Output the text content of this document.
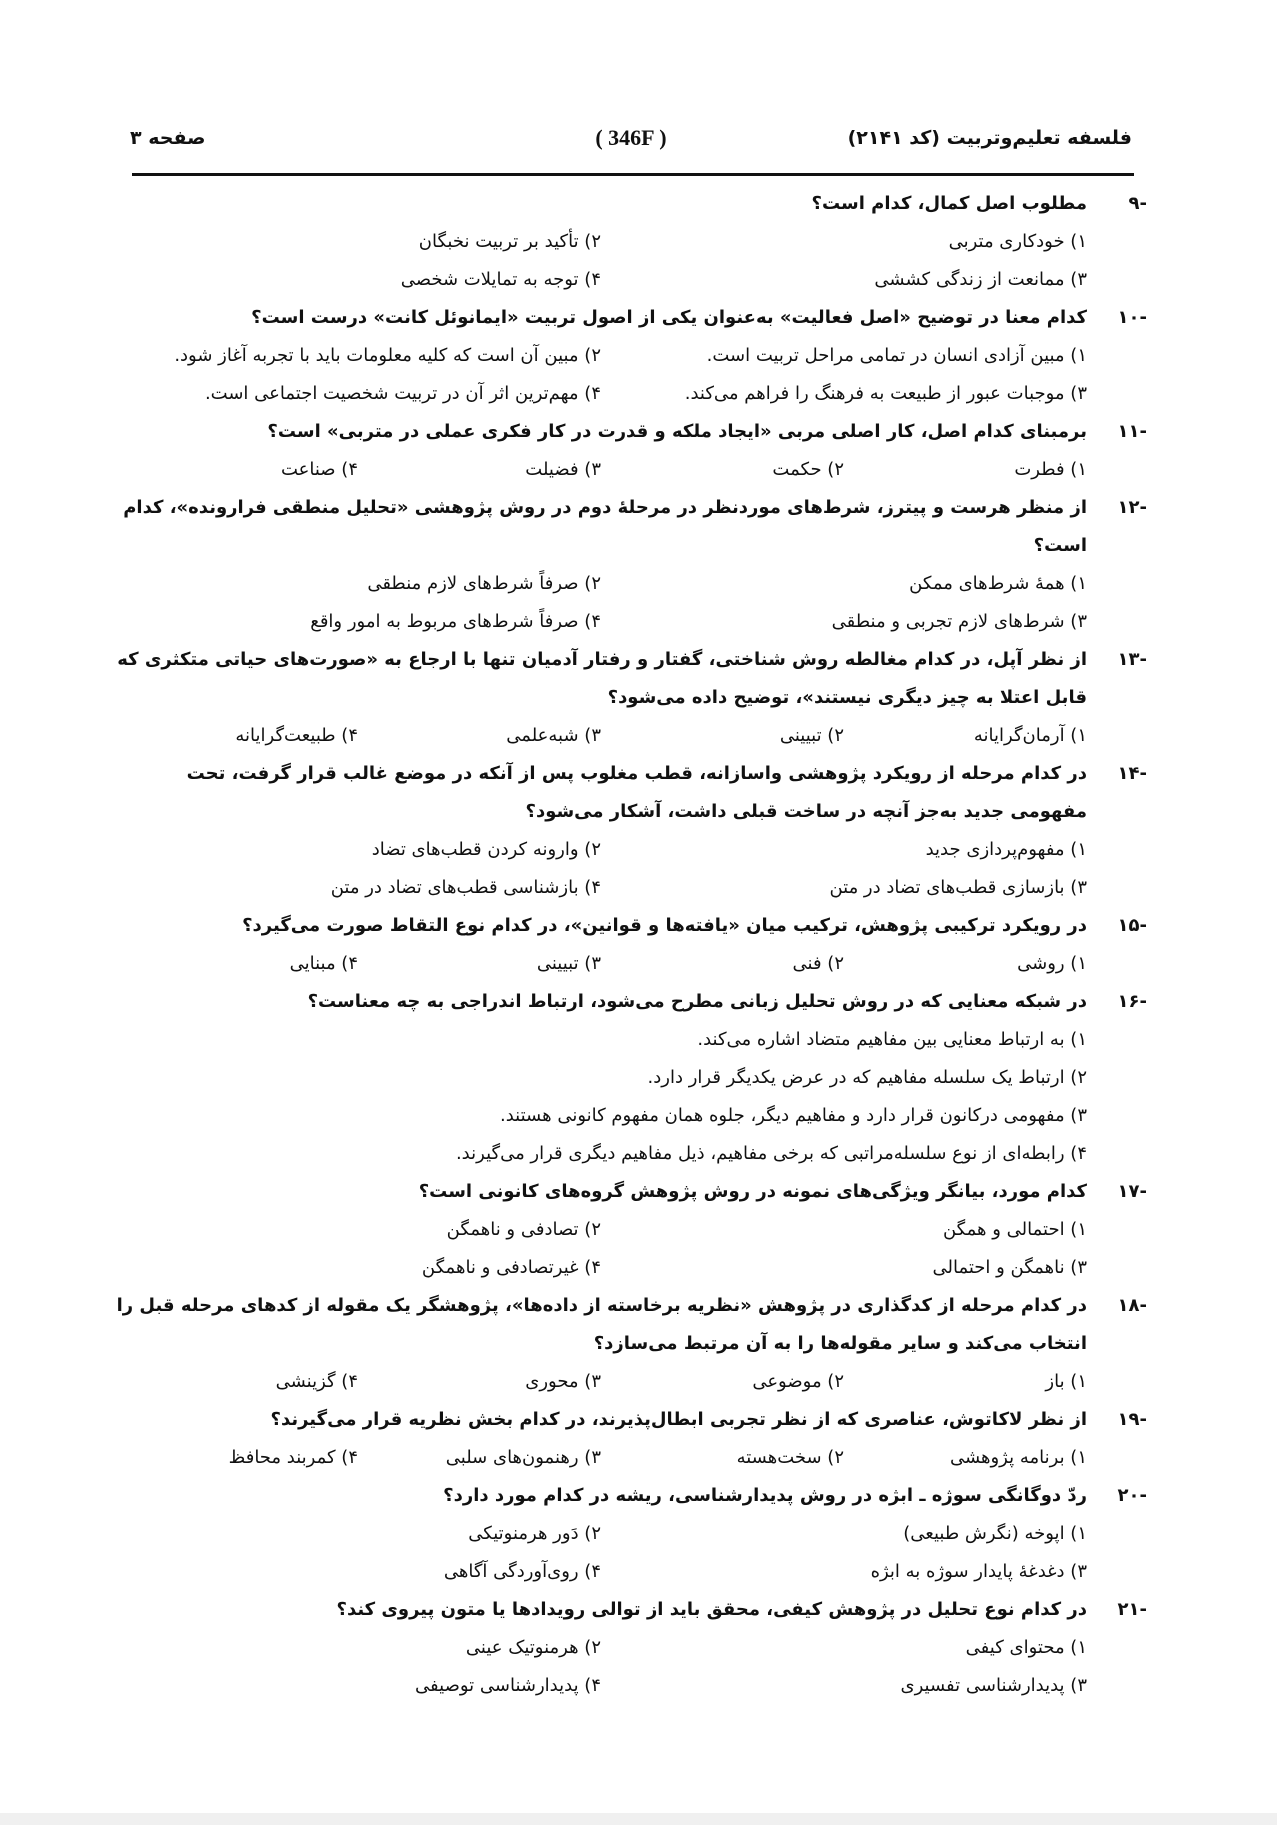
فلسفه تعلیم‌وتربیت (کد ۲۱۴۱)
( 346F )
صفحه ۳
-۹
مطلوب اصل کمال، کدام است؟
۱) خودکاری متربی
۲) تأکید بر تربیت نخبگان
۳) ممانعت از زندگی کششی
۴) توجه به تمایلات شخصی
-۱۰
کدام معنا در توضیح «اصل فعالیت» به‌عنوان یکی از اصول تربیت «ایمانوئل کانت» درست است؟
۱) مبین آزادی انسان در تمامی مراحل تربیت است.
۲) مبین آن است که کلیه معلومات باید با تجربه آغاز شود.
۳) موجبات عبور از طبیعت به فرهنگ را فراهم می‌کند.
۴) مهم‌ترین اثر آن در تربیت شخصیت اجتماعی است.
-۱۱
برمبنای کدام اصل، کار اصلی مربی «ایجاد ملکه و قدرت در کار فکری عملی در متربی» است؟
۱) فطرت
۲) حکمت
۳) فضیلت
۴) صناعت
-۱۲
از منظر هرست و پیترز، شرط‌های موردنظر در مرحلهٔ دوم در روش پژوهشی «تحلیل منطقی فرارونده»، کدام است؟
۱) همهٔ شرط‌های ممکن
۲) صرفاً شرط‌های لازم منطقی
۳) شرط‌های لازم تجربی و منطقی
۴) صرفاً شرط‌های مربوط به امور واقع
-۱۳
از نظر آپل، در کدام مغالطه روش شناختی، گفتار و رفتار آدمیان تنها با ارجاع به «صورت‌های حیاتی متکثری که قابل اعتلا به چیز دیگری نیستند»، توضیح داده می‌شود؟
۱) آرمان‌گرایانه
۲) تبیینی
۳) شبه‌علمی
۴) طبیعت‌گرایانه
-۱۴
در کدام مرحله از رویکرد پژوهشی واسازانه، قطب مغلوب پس از آنکه در موضع غالب قرار گرفت، تحت مفهومی جدید به‌جز آنچه در ساخت قبلی داشت، آشکار می‌شود؟
۱) مفهوم‌پردازی جدید
۲) وارونه کردن قطب‌های تضاد
۳) بازسازی قطب‌های تضاد در متن
۴) بازشناسی قطب‌های تضاد در متن
-۱۵
در رویکرد ترکیبی پژوهش، ترکیب میان «یافته‌ها و قوانین»، در کدام نوع التقاط صورت می‌گیرد؟
۱) روشی
۲) فنی
۳) تبیینی
۴) مبنایی
-۱۶
در شبکه معنایی که در روش تحلیل زبانی مطرح می‌شود، ارتباط اندراجی به چه معناست؟
۱) به ارتباط معنایی بین مفاهیم متضاد اشاره می‌کند.
۲) ارتباط یک سلسله مفاهیم که در عرض یکدیگر قرار دارد.
۳) مفهومی درکانون قرار دارد و مفاهیم دیگر، جلوه همان مفهوم کانونی هستند.
۴) رابطه‌ای از نوع سلسله‌مراتبی که برخی مفاهیم، ذیل مفاهیم دیگری قرار می‌گیرند.
-۱۷
کدام مورد، بیانگر ویژگی‌های نمونه در روش پژوهش گروه‌های کانونی است؟
۱) احتمالی و همگن
۲) تصادفی و ناهمگن
۳) ناهمگن و احتمالی
۴) غیرتصادفی و ناهمگن
-۱۸
در کدام مرحله از کدگذاری در پژوهش «نظریه برخاسته از داده‌ها»، پژوهشگر یک مقوله از کدهای مرحله قبل را انتخاب می‌کند و سایر مقوله‌ها را به آن مرتبط می‌سازد؟
۱) باز
۲) موضوعی
۳) محوری
۴) گزینشی
-۱۹
از نظر لاکاتوش، عناصری که از نظر تجربی ابطال‌پذیرند، در کدام بخش نظریه قرار می‌گیرند؟
۱) برنامه پژوهشی
۲) سخت‌هسته
۳) رهنمون‌های سلبی
۴) کمربند محافظ
-۲۰
ردّ دوگانگی سوژه ـ ابژه در روش پدیدارشناسی، ریشه در کدام مورد دارد؟
۱) اپوخه (نگرش طبیعی)
۲) دَور هرمنوتیکی
۳) دغدغهٔ پایدار سوژه به ابژه
۴) روی‌آوردگی آگاهی
-۲۱
در کدام نوع تحلیل در پژوهش کیفی، محقق باید از توالی رویدادها یا متون پیروی کند؟
۱) محتوای کیفی
۲) هرمنوتیک عینی
۳) پدیدارشناسی تفسیری
۴) پدیدارشناسی توصیفی
